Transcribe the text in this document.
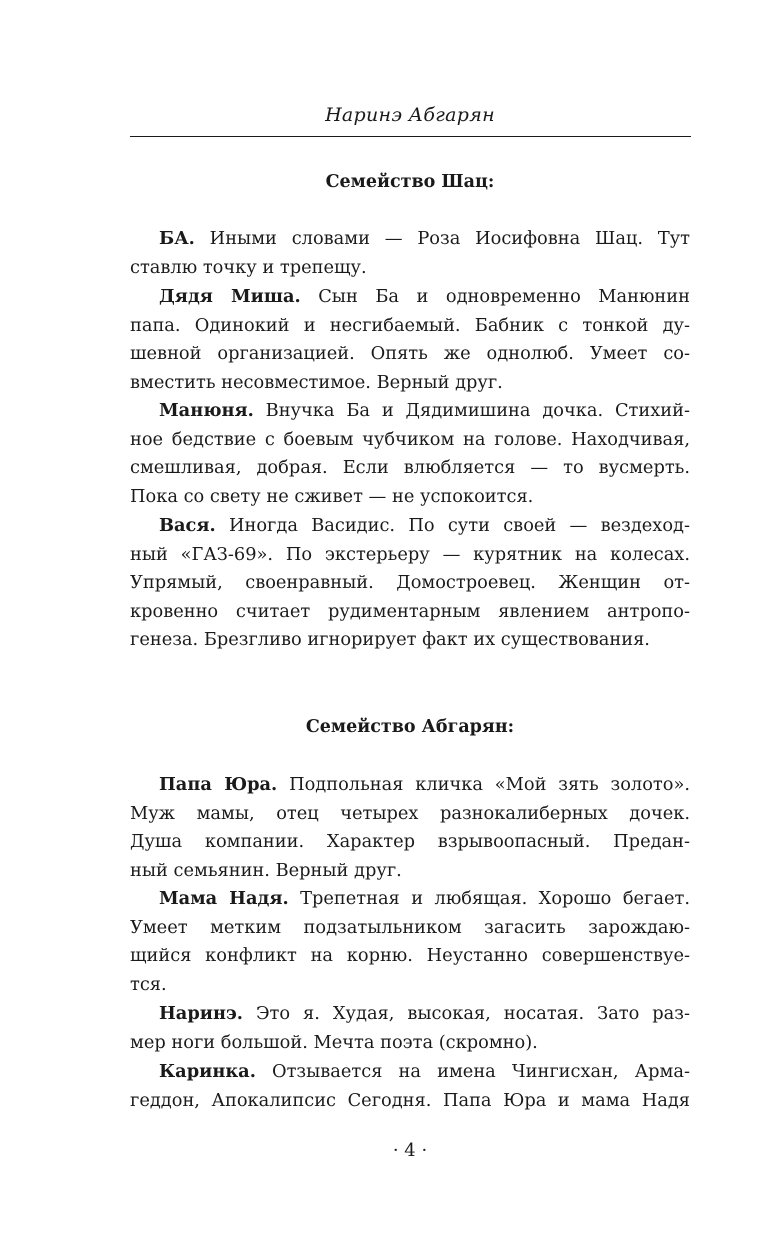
Наринэ Абгарян
Семейство Шац:
БА. Иными словами — Роза Иосифовна Шац. Тут
ставлю точку и трепещу.
Дядя Миша. Сын Ба и одновременно Манюнин
папа. Одинокий и несгибаемый. Бабник с тонкой ду-
шевной организацией. Опять же однолюб. Умеет со-
вместить несовместимое. Верный друг.
Манюня. Внучка Ба и Дядимишина дочка. Стихий-
ное бедствие с боевым чубчиком на голове. Находчивая,
смешливая, добрая. Если влюбляется — то вусмерть.
Пока со свету не сживет — не успокоится.
Вася. Иногда Васидис. По сути своей — вездеход-
ный «ГАЗ-69». По экстерьеру — курятник на колесах.
Упрямый, своенравный. Домостроевец. Женщин от-
кровенно считает рудиментарным явлением антропо-
генеза. Брезгливо игнорирует факт их существования.
Семейство Абгарян:
Папа Юра. Подпольная кличка «Мой зять золото».
Муж мамы, отец четырех разнокалиберных дочек.
Душа компании. Характер взрывоопасный. Предан-
ный семьянин. Верный друг.
Мама Надя. Трепетная и любящая. Хорошо бегает.
Умеет метким подзатыльником загасить зарождаю-
щийся конфликт на корню. Неустанно совершенствуе-
тся.
Наринэ. Это я. Худая, высокая, носатая. Зато раз-
мер ноги большой. Мечта поэта (скромно).
Каринка. Отзывается на имена Чингисхан, Арма-
геддон, Апокалипсис Сегодня. Папа Юра и мама Надя
· 4 ·
